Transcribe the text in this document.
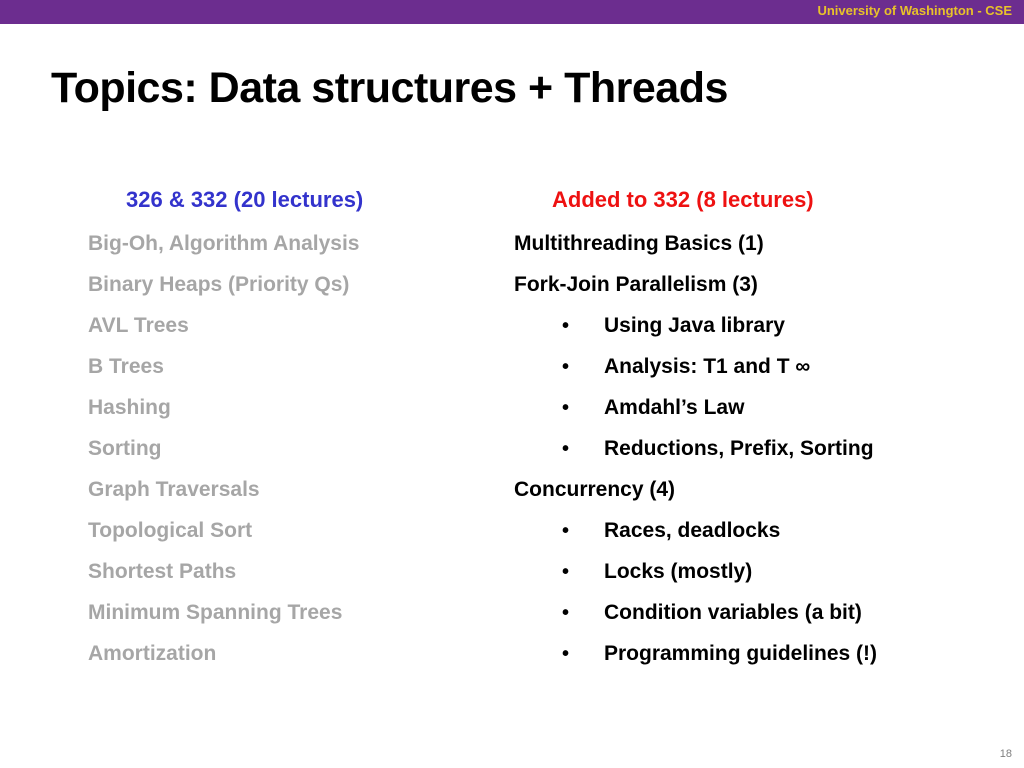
University of Washington - CSE
Topics: Data structures + Threads
326 & 332 (20 lectures)
Big-Oh, Algorithm Analysis
Binary Heaps (Priority Qs)
AVL Trees
B Trees
Hashing
Sorting
Graph Traversals
Topological Sort
Shortest Paths
Minimum Spanning Trees
Amortization
Added to 332 (8 lectures)
Multithreading Basics (1)
Fork-Join Parallelism (3)
• Using Java library
• Analysis: T1 and T ∞
• Amdahl’s Law
• Reductions, Prefix, Sorting
Concurrency (4)
• Races, deadlocks
• Locks (mostly)
• Condition variables (a bit)
• Programming guidelines (!)
18
